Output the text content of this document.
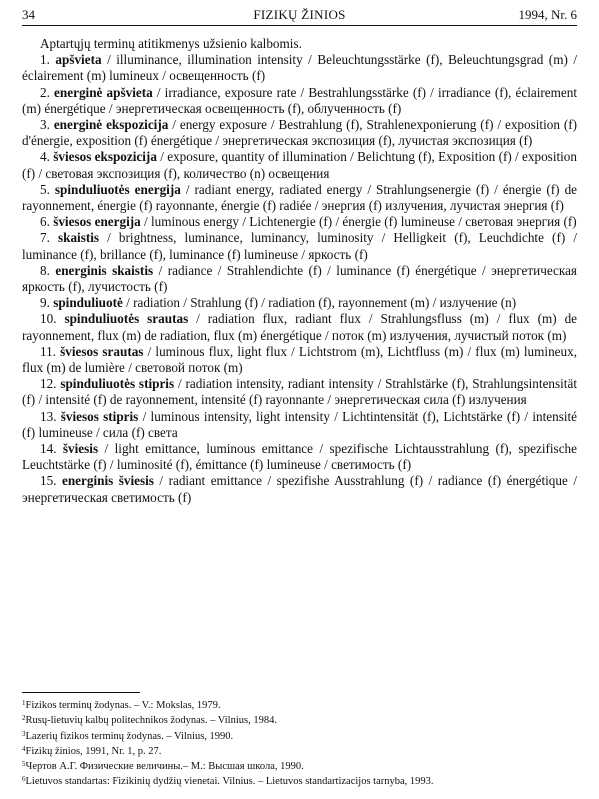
34	FIZIKŲ ŽINIOS	1994, Nr. 6

Aptartųjų terminų atitikmenys užsienio kalbomis.

1. apšvieta / illuminance, illumination intensity / Beleuchtungsstärke (f), Beleuchtungsgrad (m) / éclairement (m) lumineux / освещенность (f)

2. energinė apšvieta / irradiance, exposure rate / Bestrahlungsstärke (f) / irradiance (f), éclairement (m) énergétique / энергетическая освещенность (f), облученность (f)

3. energinė ekspozicija / energy exposure / Bestrahlung (f), Strahlenexponierung (f) / exposition (f) d'énergie, exposition (f) énergétique / энергетическая экспозиция (f), лучистая экспозиция (f)

4. šviesos ekspozicija / exposure, quantity of illumination / Belichtung (f), Exposition (f) / exposition (f) / световая экспозиция (f), количество (n) освещения

5. spinduliuotės energija / radiant energy, radiated energy / Strahlungsenergie (f) / énergie (f) de rayonnement, énergie (f) rayonnante, énergie (f) radiée / энергия (f) излучения, лучистая энергия (f)

6. šviesos energija / luminous energy / Lichtenergie (f) / énergie (f) lumineuse / световая энергия (f)

7. skaistis / brightness, luminance, luminancy, luminosity / Helligkeit (f), Leuchdichte (f) / luminance (f), brillance (f), luminance (f) lumineuse / яркость (f)

8. energinis skaistis / radiance / Strahlendichte (f) / luminance (f) énergétique / энергетическая яркость (f), лучистость (f)

9. spinduliuotė / radiation / Strahlung (f) / radiation (f), rayonnement (m) / излучение (n)

10. spinduliuotės srautas / radiation flux, radiant flux / Strahlungsfluss (m) / flux (m) de rayonnement, flux (m) de radiation, flux (m) énergétique / поток (m) излучения, лучистый поток (m)

11. šviesos srautas / luminous flux, light flux / Lichtstrom (m), Lichtfluss (m) / flux (m) lumineux, flux (m) de lumière / световой поток (m)

12. spinduliuotės stipris / radiation intensity, radiant intensity / Strahlstärke (f), Strahlungsintensität (f) / intensité (f) de rayonnement, intensité (f) rayonnante / энергетическая сила (f) излучения

13. šviesos stipris / luminous intensity, light intensity / Lichtintensität (f), Lichtstärke (f) / intensité (f) lumineuse / сила (f) света

14. šviesis / light emittance, luminous emittance / spezifische Lichtausstrahlung (f), spezifische Leuchtstärke (f) / luminosité (f), émittance (f) lumineuse / светимость (f)

15. energinis šviesis / radiant emittance / spezifishe Ausstrahlung (f) / radiance (f) énergétique / энергетическая светимость (f)

$^1$Fizikos terminų žodynas. – V.: Mokslas, 1979.
$^2$Rusų-lietuvių kalbų politechnikos žodynas. – Vilnius, 1984.
$^3$Lazerių fizikos terminų žodynas. – Vilnius, 1990.
$^4$Fizikų žinios, 1991, Nr. 1, p. 27.
$^5$Чертов А.Г. Физические величины.– М.: Высшая школа, 1990.
$^6$Lietuvos standartas: Fizikinių dydžių vienetai. Vilnius. – Lietuvos standartizacijos tarnyba, 1993.
